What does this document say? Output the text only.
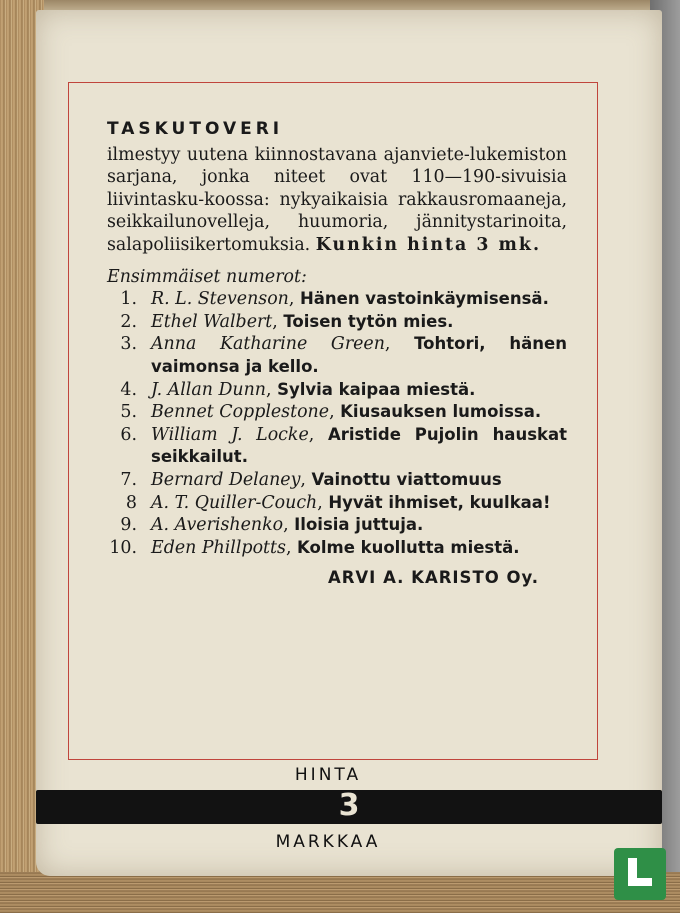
TASKUTOVERI

ilmestyy uutena kiinnostavana ajanviete-lukemiston sarjana, jonka niteet ovat 110—190-sivuisia liivintasku-koossa: nykyaikaisia rakkausromaaneja, seikkailunovelleja, huumoria, jännitystarinoita, salapoliisikertomuksia. Kunkin hinta 3 mk.

Ensimmäiset numerot:
1. R. L. Stevenson, Hänen vastoinkäymisensä.
2. Ethel Walbert, Toisen tytön mies.
3. Anna Katharine Green, Tohtori, hänen vaimonsa ja kello.
4. J. Allan Dunn, Sylvia kaipaa miestä.
5. Bennet Copplestone, Kiusauksen lumoissa.
6. William J. Locke, Aristide Pujolin hauskat seikkailut.
7. Bernard Delaney, Vainottu viattomuus
8 A. T. Quiller-Couch, Hyvät ihmiset, kuulkaa!
9. A. Averishenko, Iloisia juttuja.
10. Eden Phillpotts, Kolme kuollutta miestä.
ARVI A. KARISTO Oy.
HINTA
3
MARKKAA
